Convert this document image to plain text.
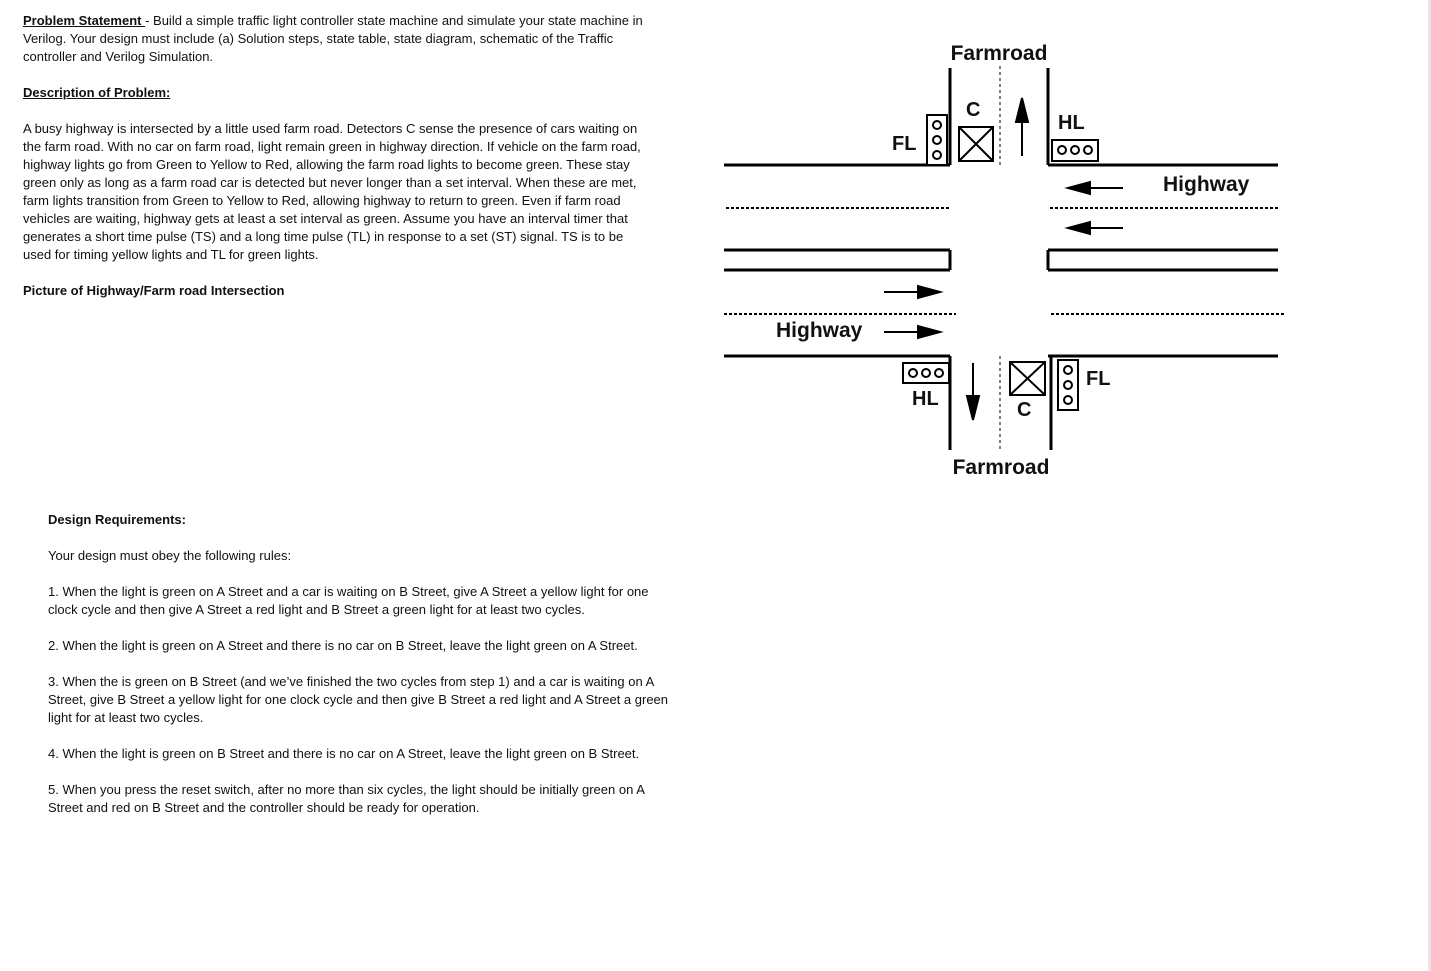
Problem Statement - Build a simple traffic light controller state machine and simulate your state machine in Verilog. Your design must include (a) Solution steps, state table, state diagram, schematic of the Traffic controller and Verilog Simulation.

Description of Problem:

A busy highway is intersected by a little used farm road. Detectors C sense the presence of cars waiting on the farm road. With no car on farm road, light remain green in highway direction. If vehicle on the farm road, highway lights go from Green to Yellow to Red, allowing the farm road lights to become green. These stay green only as long as a farm road car is detected but never longer than a set interval. When these are met, farm lights transition from Green to Yellow to Red, allowing highway to return to green. Even if farm road vehicles are waiting, highway gets at least a set interval as green. Assume you have an interval timer that generates a short time pulse (TS) and a long time pulse (TL) in response to a set (ST) signal. TS is to be used for timing yellow lights and TL for green lights.

Picture of Highway/Farm road Intersection

Farmroad
Farmroad
Highway
Highway
FL
FL
HL
HL
C
C

Design Requirements:

Your design must obey the following rules:

1. When the light is green on A Street and a car is waiting on B Street, give A Street a yellow light for one clock cycle and then give A Street a red light and B Street a green light for at least two cycles.

2. When the light is green on A Street and there is no car on B Street, leave the light green on A Street.

3. When the is green on B Street (and we’ve finished the two cycles from step 1) and a car is waiting on A Street, give B Street a yellow light for one clock cycle and then give B Street a red light and A Street a green light for at least two cycles.

4. When the light is green on B Street and there is no car on A Street, leave the light green on B Street.

5. When you press the reset switch, after no more than six cycles, the light should be initially green on A Street and red on B Street and the controller should be ready for operation.
